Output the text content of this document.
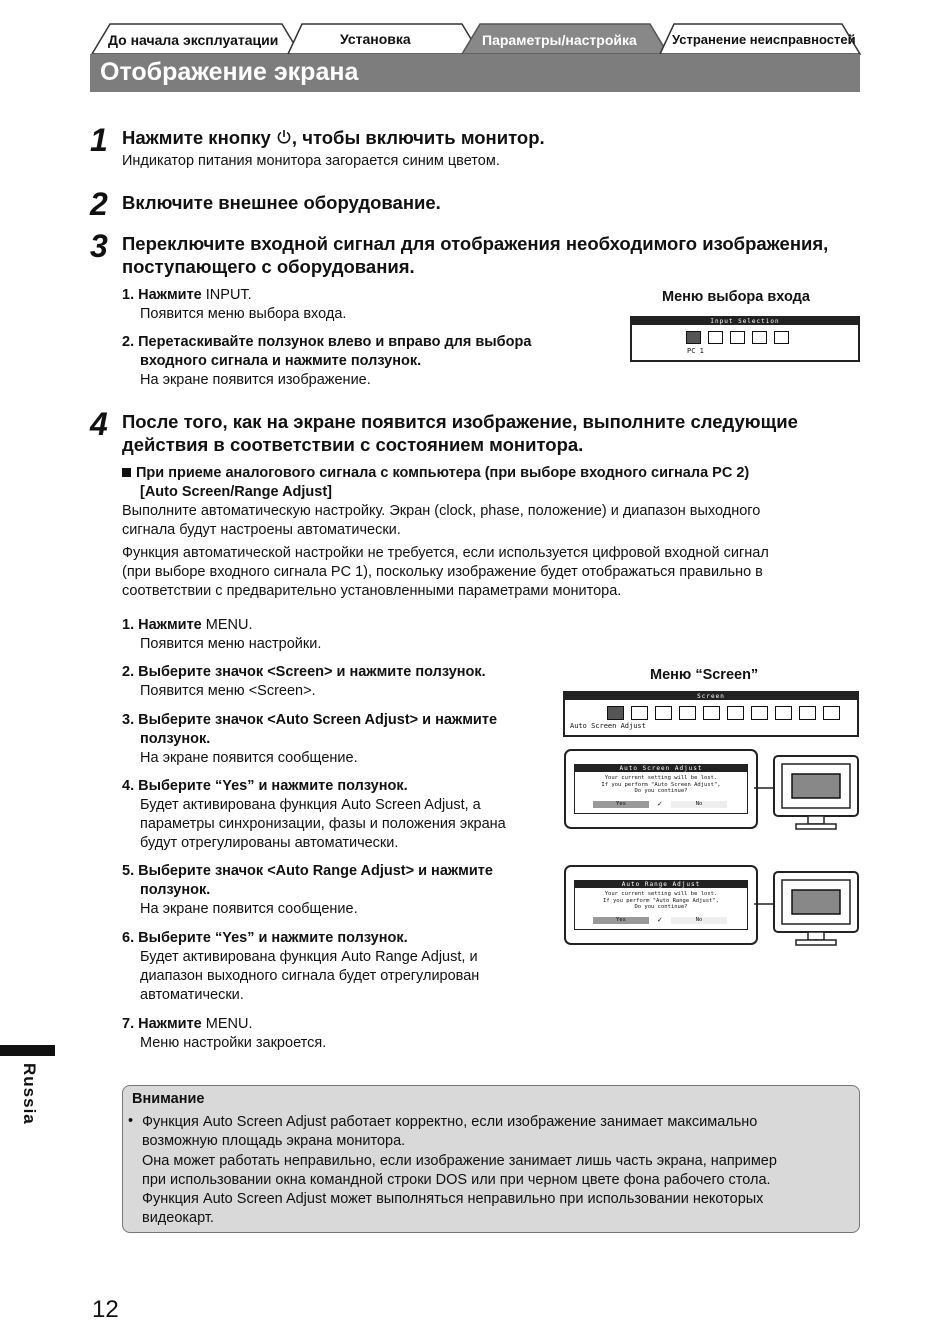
До начала эксплуатации	Установка	Параметры/настройка	Устранение неисправностей
Отображение экрана
1 Нажмите кнопку , чтобы включить монитор.
Индикатор питания монитора загорается синим цветом.
2 Включите внешнее оборудование.
3 Переключите входной сигнал для отображения необходимого изображения,
поступающего с оборудования.
1. Нажмите INPUT.
Появится меню выбора входа.
2. Перетаскивайте ползунок влево и вправо для выбора
входного сигнала и нажмите ползунок.
На экране появится изображение.
Меню выбора входа
Input Selection
PC 1
4 После того, как на экране появится изображение, выполните следующие
действия в соответствии с состоянием монитора.
При приеме аналогового сигнала с компьютера (при выборе входного сигнала PC 2)
[Auto Screen/Range Adjust]
Выполните автоматическую настройку. Экран (clock, phase, положение) и диапазон выходного
сигнала будут настроены автоматически.
Функция автоматической настройки не требуется, если используется цифровой входной сигнал
(при выборе входного сигнала PC 1), поскольку изображение будет отображаться правильно в
соответствии с предварительно установленными параметрами монитора.
1. Нажмите MENU.
Появится меню настройки.
2. Выберите значок <Screen> и нажмите ползунок.
Появится меню <Screen>.
3. Выберите значок <Auto Screen Adjust> и нажмите
ползунок.
На экране появится сообщение.
4. Выберите “Yes” и нажмите ползунок.
Будет активирована функция Auto Screen Adjust, а
параметры синхронизации, фазы и положения экрана
будут отрегулированы автоматически.
5. Выберите значок <Auto Range Adjust> и нажмите
ползунок.
На экране появится сообщение.
6. Выберите “Yes” и нажмите ползунок.
Будет активирована функция Auto Range Adjust, и
диапазон выходного сигнала будет отрегулирован
автоматически.
7. Нажмите MENU.
Меню настройки закроется.
Меню “Screen”
Screen
Auto Screen Adjust
Auto Screen Adjust
Your current setting will be lost.
If you perform "Auto Screen Adjust",
Do you continue?
Yes	✓	No
Auto Range Adjust
Your current setting will be lost.
If you perform "Auto Range Adjust",
Do you continue?
Yes	✓	No
Внимание
• Функция Auto Screen Adjust работает корректно, если изображение занимает максимально
возможную площадь экрана монитора.
Она может работать неправильно, если изображение занимает лишь часть экрана, например
при использовании окна командной строки DOS или при черном цвете фона рабочего стола.
Функция Auto Screen Adjust может выполняться неправильно при использовании некоторых
видеокарт.
Russia
12
